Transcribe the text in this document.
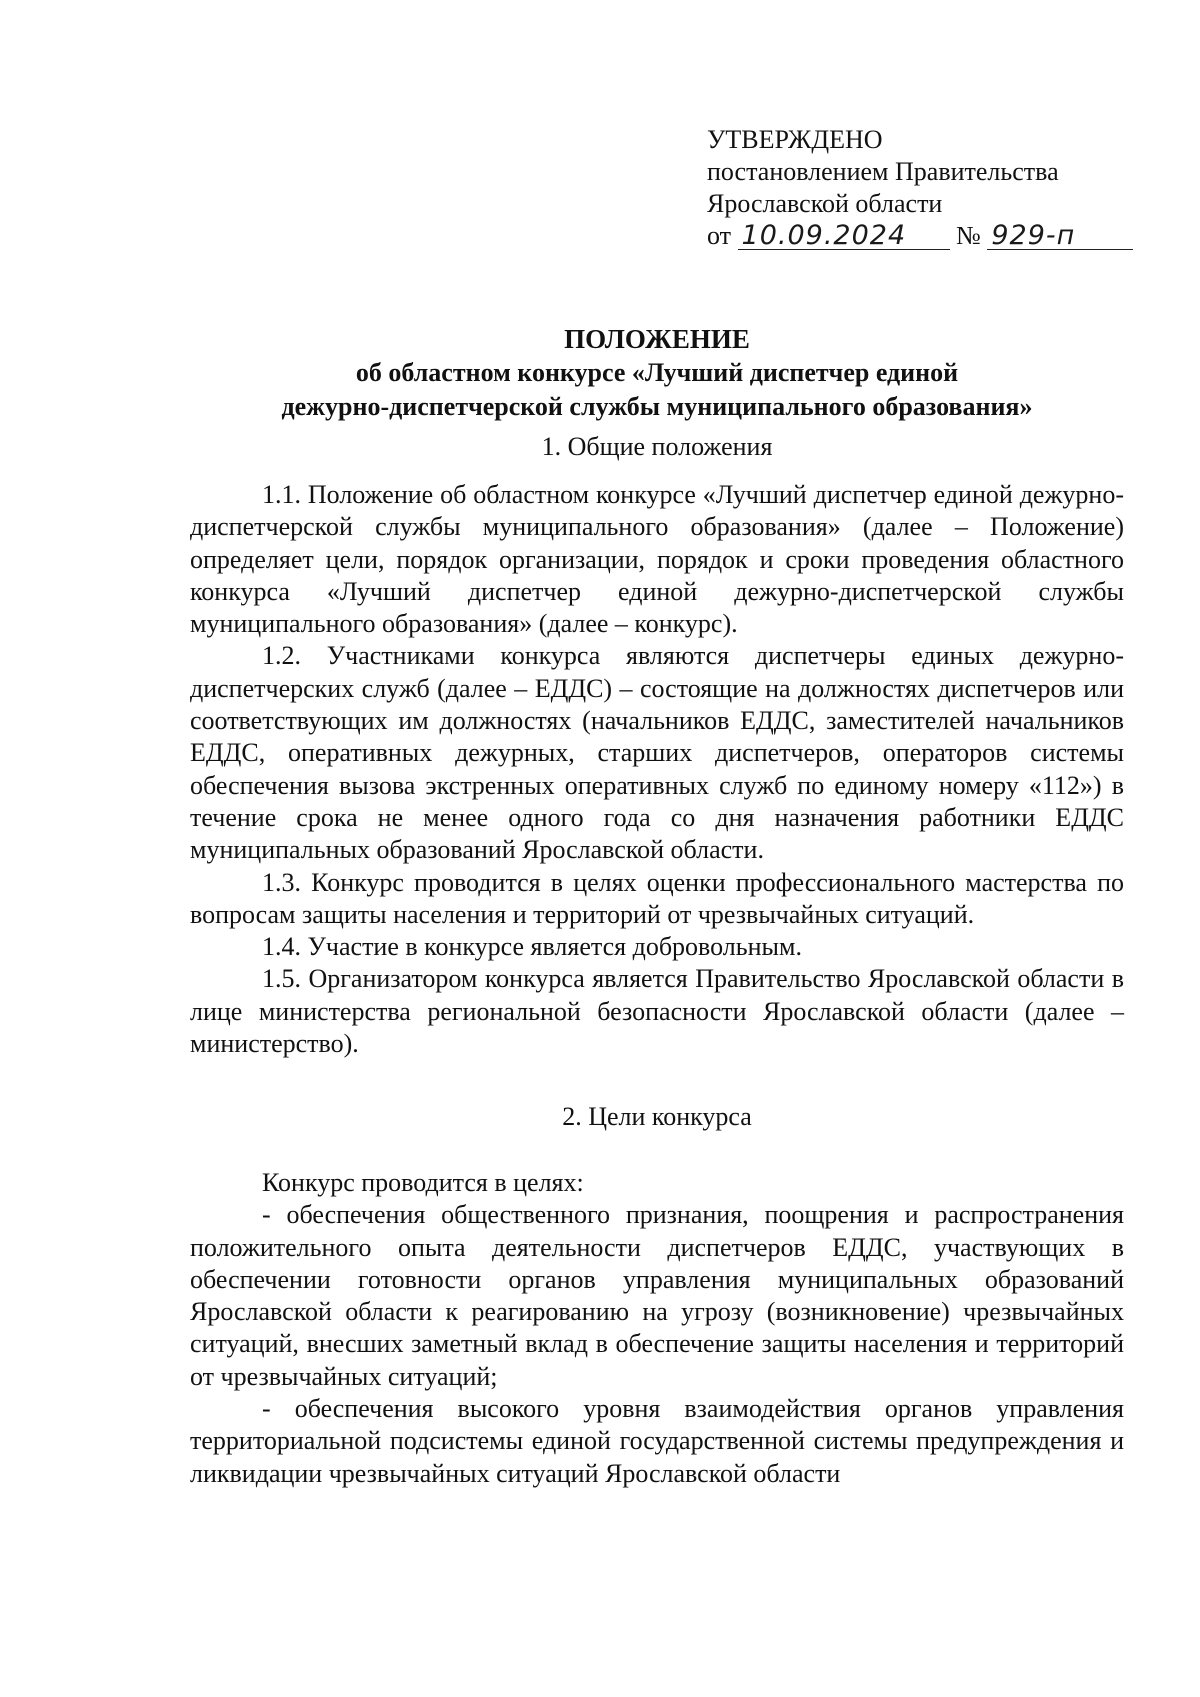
УТВЕРЖДЕНО
постановлением Правительства
Ярославской области
от 10.09.2024 № 929-п
ПОЛОЖЕНИЕ
об областном конкурсе «Лучший диспетчер единой
дежурно-диспетчерской службы муниципального образования»
1. Общие положения

1.1. Положение об областном конкурсе «Лучший диспетчер единой дежурно-диспетчерской службы муниципального образования» (далее – Положение) определяет цели, порядок организации, порядок и сроки проведения областного конкурса «Лучший диспетчер единой дежурно-диспетчерской службы муниципального образования» (далее – конкурс).

1.2. Участниками конкурса являются диспетчеры единых дежурно-диспетчерских служб (далее – ЕДДС) – состоящие на должностях диспетчеров или соответствующих им должностях (начальников ЕДДС, заместителей начальников ЕДДС, оперативных дежурных, старших диспетчеров, операторов системы обеспечения вызова экстренных оперативных служб по единому номеру «112») в течение срока не менее одного года со дня назначения работники ЕДДС муниципальных образований Ярославской области.

1.3. Конкурс проводится в целях оценки профессионального мастерства по вопросам защиты населения и территорий от чрезвычайных ситуаций.

1.4. Участие в конкурсе является добровольным.

1.5. Организатором конкурса является Правительство Ярославской области в лице министерства региональной безопасности Ярославской области (далее – министерство).

2. Цели конкурса

Конкурс проводится в целях:

- обеспечения общественного признания, поощрения и распространения положительного опыта деятельности диспетчеров ЕДДС, участвующих в обеспечении готовности органов управления муниципальных образований Ярославской области к реагированию на угрозу (возникновение) чрезвычайных ситуаций, внесших заметный вклад в обеспечение защиты населения и территорий от чрезвычайных ситуаций;

- обеспечения высокого уровня взаимодействия органов управления территориальной подсистемы единой государственной системы предупреждения и ликвидации чрезвычайных ситуаций Ярославской области
